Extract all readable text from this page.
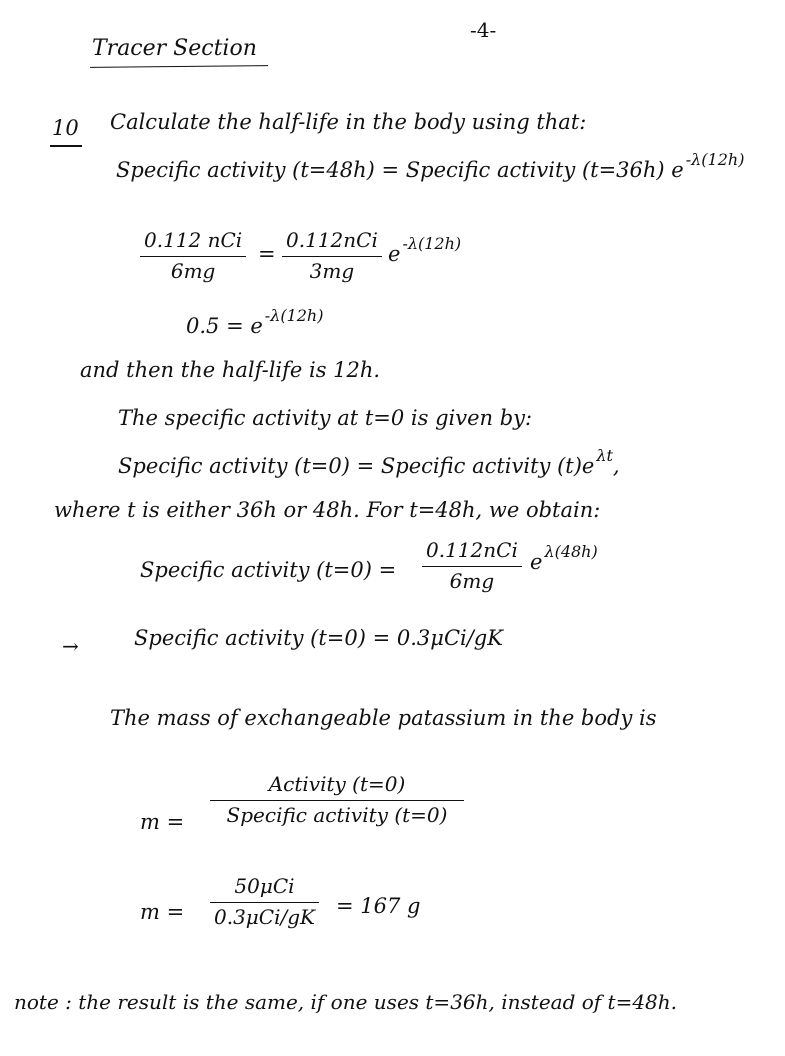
-4-
Tracer Section
10 Calculate the half-life in the body using that:
Specific activity (t=48h) = Specific activity (t=36h) e $^{-\lambda(12h)}$
0.112 nCi
6mg
=
0.112nCi
3mg
e $^{-\lambda(12h)}$
0.5 = e $^{-\lambda(12h)}$
and then the half-life is 12h.
The specific activity at t=0 is given by:
Specific activity (t=0) = Specific activity (t)e $^{\lambda t}$,
where t is either 36h or 48h. For t=48h, we obtain:
Specific activity (t=0) =
0.112nCi
6mg
e $^{\lambda(48h)}$
→	Specific activity (t=0) = 0.3μCi/gK
The mass of exchangeable patassium in the body is
m =
Activity (t=0)
Specific activity (t=0)
m =
50μCi
0.3μCi/gK = 167 g
note : the result is the same, if one uses t=36h, instead of t=48h.
